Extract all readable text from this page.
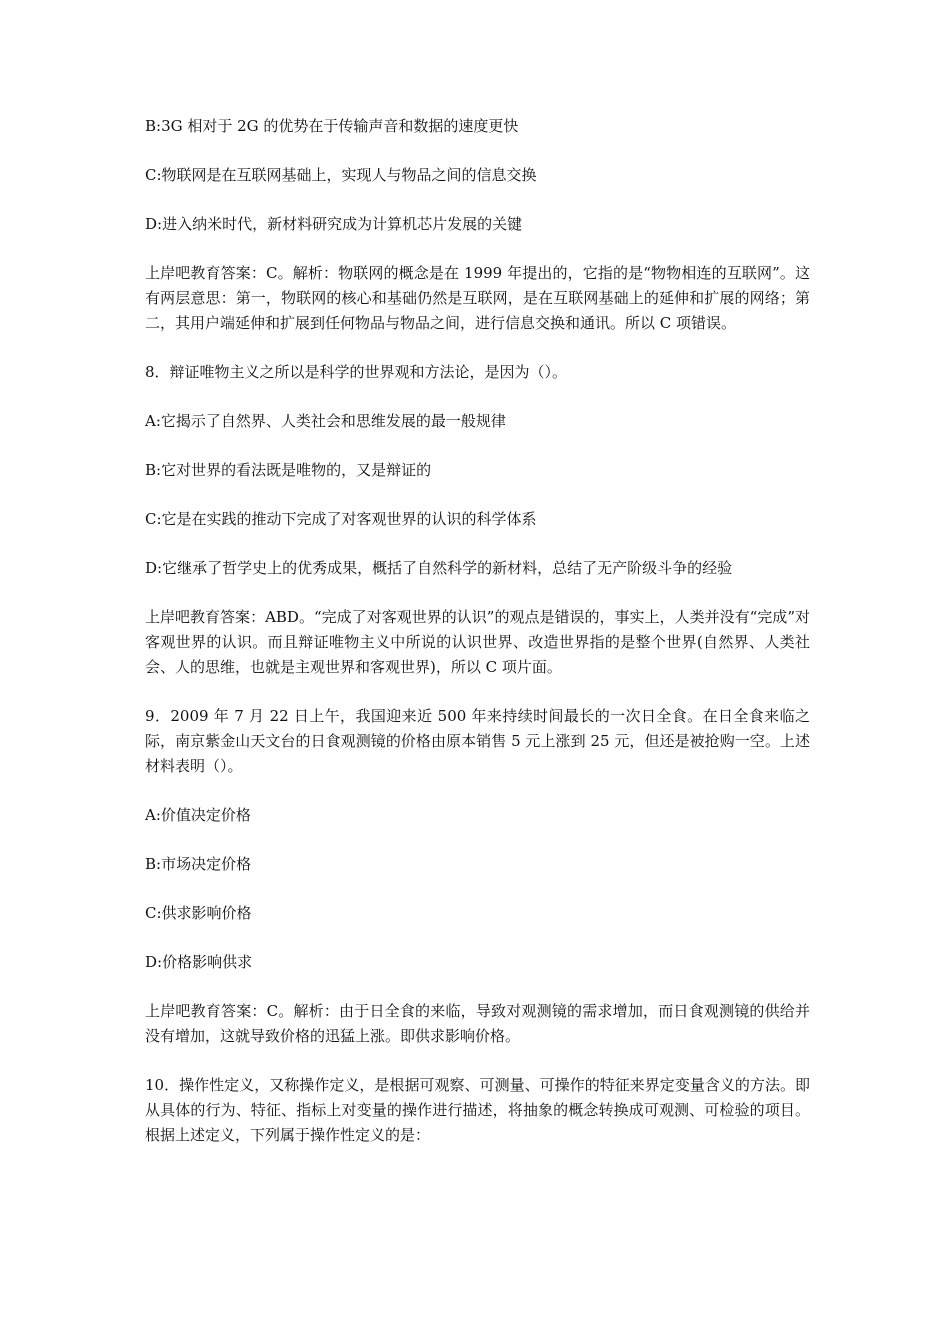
B:3G 相对于 2G 的优势在于传输声音和数据的速度更快

C:物联网是在互联网基础上，实现人与物品之间的信息交换

D:进入纳米时代，新材料研究成为计算机芯片发展的关键

上岸吧教育答案：C。解析：物联网的概念是在 1999 年提出的，它指的是“物物相连的互联网”。这有两层意思：第一，物联网的核心和基础仍然是互联网，是在互联网基础上的延伸和扩展的网络；第二，其用户端延伸和扩展到任何物品与物品之间，进行信息交换和通讯。所以 C 项错误。

8．辩证唯物主义之所以是科学的世界观和方法论，是因为（）。

A:它揭示了自然界、人类社会和思维发展的最一般规律

B:它对世界的看法既是唯物的，又是辩证的

C:它是在实践的推动下完成了对客观世界的认识的科学体系

D:它继承了哲学史上的优秀成果，概括了自然科学的新材料，总结了无产阶级斗争的经验

上岸吧教育答案：ABD。“完成了对客观世界的认识”的观点是错误的，事实上，人类并没有“完成”对客观世界的认识。而且辩证唯物主义中所说的认识世界、改造世界指的是整个世界(自然界、人类社会、人的思维，也就是主观世界和客观世界)，所以 C 项片面。

9．2009 年 7 月 22 日上午，我国迎来近 500 年来持续时间最长的一次日全食。在日全食来临之际，南京紫金山天文台的日食观测镜的价格由原本销售 5 元上涨到 25 元，但还是被抢购一空。上述材料表明（）。

A:价值决定价格

B:市场决定价格

C:供求影响价格

D:价格影响供求

上岸吧教育答案：C。解析：由于日全食的来临，导致对观测镜的需求增加，而日食观测镜的供给并没有增加，这就导致价格的迅猛上涨。即供求影响价格。

10．操作性定义，又称操作定义，是根据可观察、可测量、可操作的特征来界定变量含义的方法。即从具体的行为、特征、指标上对变量的操作进行描述，将抽象的概念转换成可观测、可检验的项目。根据上述定义，下列属于操作性定义的是：
